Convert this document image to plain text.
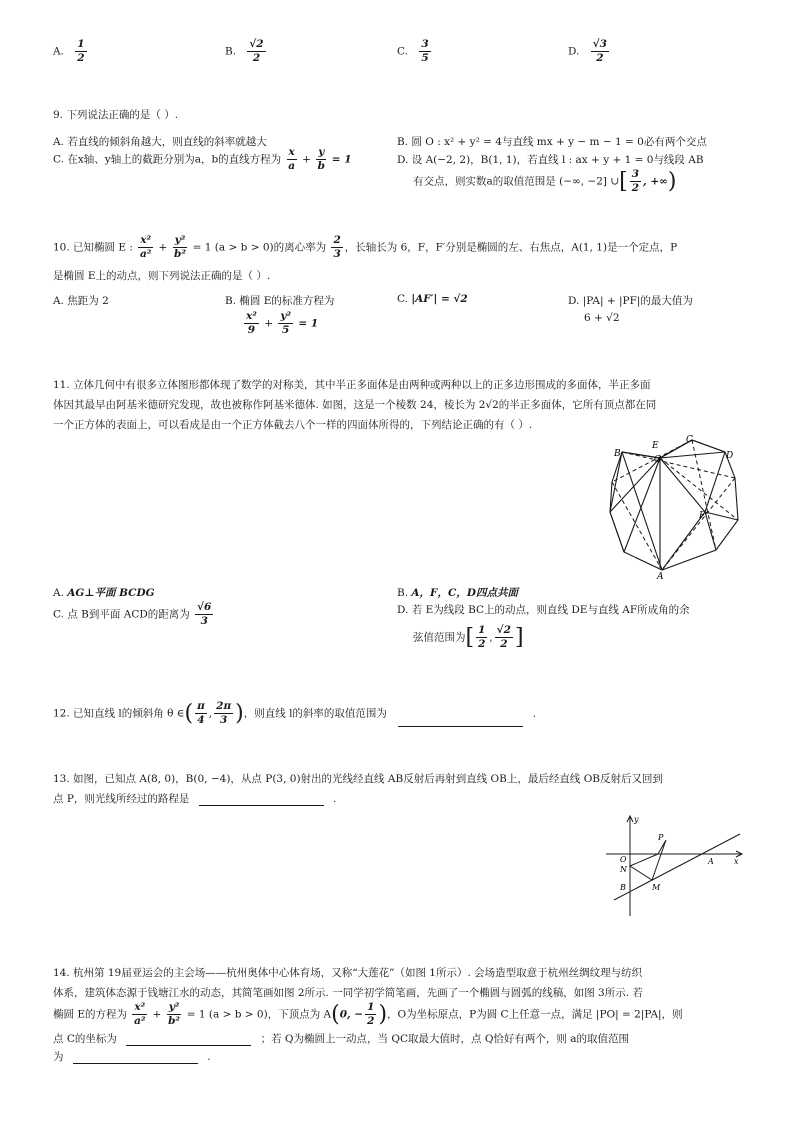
A. $\frac{1}{2}$	B. $\frac{√2}{2}$	C. $\frac{3}{5}$	D. $\frac{√3}{2}$
9. 下列说法正确的是（ ）.
A. 若直线的倾斜角越大，则直线的斜率就越大	B. 圆 O : x² + y² = 4与直线 mx + y − m − 1 = 0必有两个交点
C. 在x轴、y轴上的截距分别为a，b的直线方程为 $\frac{x}{a} + \frac{y}{b} = 1$	D. 设 A(−2, 2)，B(1, 1)，若直线 l : ax + y + 1 = 0与线段 AB
有交点，则实数a的取值范围是 (−∞, −2] ∪[ $\frac{3}{2}$ , +∞)
10. 已知椭圆 E : $\frac{\text{x²}}{\text{a²}} + \frac{\text{y²}}{\text{b²}} = 1$ (a > b > 0)的离心率为 $\frac{2}{3}$ ，长轴长为 6，F，F′分别是椭圆的左、右焦点，A(1, 1)是一个定点，P
是椭圆 E上的动点，则下列说法正确的是（ ）.
A. 焦距为 2	B. 椭圆 E的标准方程为
$\frac{\text{x²}}{9} + \frac{\text{y²}}{5} = 1$
C. |AF′| = √2	D. |PA| + |PF|的最大值为
6 + √2
11. 立体几何中有很多立体图形都体现了数学的对称美，其中半正多面体是由两种或两种以上的正多边形围成的多面体，半正多面
体因其最早由阿基米德研究发现，故也被称作阿基米德体. 如图，这是一个棱数 24，棱长为 2√2的半正多面体，它所有顶点都在同
一个正方体的表面上，可以看成是由一个正方体截去八个一样的四面体所得的，下列结论正确的有（ ）.
B
E
C
G	D
F
A
A. AG⊥平面 BCDG	B. A，F，C，D四点共面
C. 点 B到平面 ACD的距离为 $\frac{√6}{3}$	D. 若 E为线段 BC上的动点，则直线 DE与直线 AF所成角的余
弦值范围为[ $\frac{1}{2}$ , $\frac{√2}{2}$ ]
12. 已知直线 l的倾斜角 θ ∈( $\frac{\pi}{4}$ , $\frac{2\pi}{3}$ )，则直线 l的斜率的取值范围为	.
13. 如图，已知点 A(8, 0)，B(0, −4)，从点 P(3, 0)射出的光线经直线 AB反射后再射到直线 OB上，最后经直线 OB反射后又回到
点 P，则光线所经过的路程是	.
y
x
O
P
N
A
B	M
14. 杭州第 19届亚运会的主会场——杭州奥体中心体育场，又称“大莲花”（如图 1所示）. 会场造型取意于杭州丝绸纹理与纺织
体系，建筑体态源于钱塘江水的动态，其简笔画如图 2所示. 一同学初学简笔画，先画了一个椭圆与圆弧的线稿，如图 3所示. 若
椭圆 E的方程为 $\frac{\text{x²}}{\text{a²}} + \frac{\text{y²}}{\text{b²}} = 1$ (a > b > 0)，下顶点为 A(0, − $\frac{1}{2}$ )，O为坐标原点，P为圆 C上任意一点，满足 |PO| = 2|PA|，则
点 C的坐标为	；若 Q为椭圆上一动点，当 QC取最大值时，点 Q恰好有两个，则 a的取值范围
为	.
